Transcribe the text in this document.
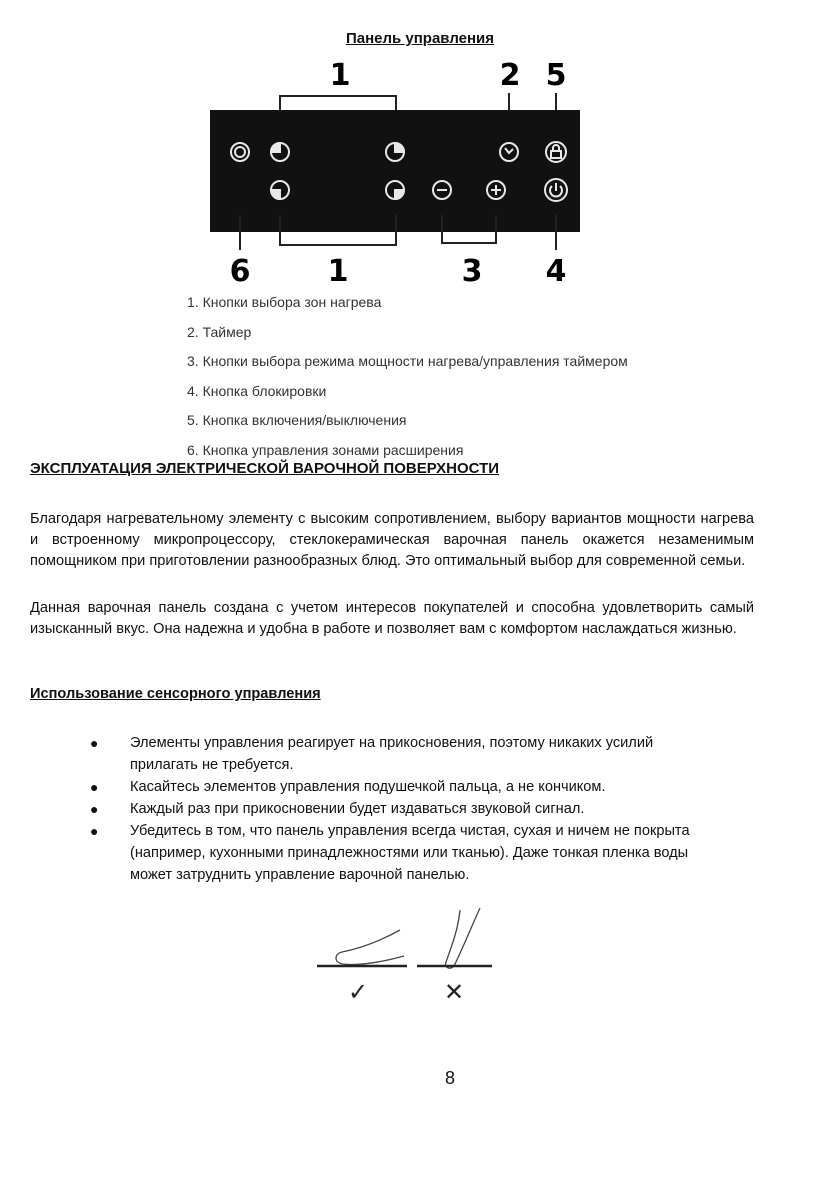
Панель управления
1	2 5
6	1	3 4
1. Кнопки выбора зон нагрева
2. Таймер
3. Кнопки выбора режима мощности нагрева/управления таймером
4. Кнопка блокировки
5. Кнопка включения/выключения
6. Кнопка управления зонами расширения
ЭКСПЛУАТАЦИЯ ЭЛЕКТРИЧЕСКОЙ ВАРОЧНОЙ ПОВЕРХНОСТИ
Благодаря нагревательному элементу с высоким сопротивлением, выбору вариантов мощности нагрева и встроенному микропроцессору, стеклокерамическая варочная панель окажется незаменимым помощником при приготовлении разнообразных блюд. Это оптимальный выбор для современной семьи.
Данная варочная панель создана с учетом интересов покупателей и способна удовлетворить самый изысканный вкус. Она надежна и удобна в работе и позволяет вам с комфортом наслаждаться жизнью.
Использование сенсорного управления
● Элементы управления реагирует на прикосновения, поэтому никаких усилий прилагать не требуется.
● Касайтесь элементов управления подушечкой пальца, а не кончиком.
● Каждый раз при прикосновении будет издаваться звуковой сигнал.
● Убедитесь в том, что панель управления всегда чистая, сухая и ничем не покрыта (например, кухонными принадлежностями или тканью). Даже тонкая пленка воды может затруднить управление варочной панелью.
✓	✕
8
